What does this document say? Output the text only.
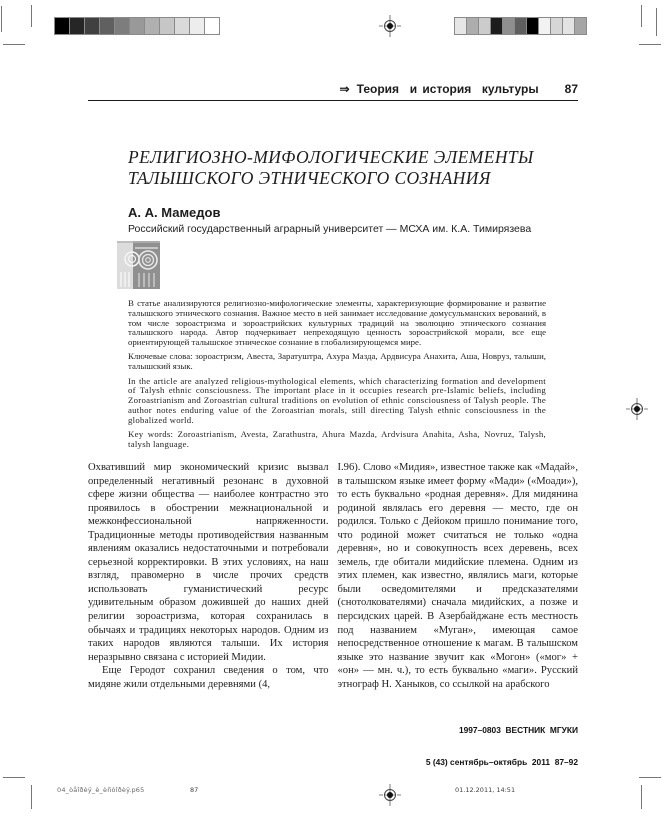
⇒ Теория  и история  культуры 87
РЕЛИГИОЗНО-МИФОЛОГИЧЕСКИЕ ЭЛЕМЕНТЫ
ТАЛЫШСКОГО ЭТНИЧЕСКОГО СОЗНАНИЯ
А. А. Мамедов
Российский государственный аграрный университет — МСХА им. К.А. Тимирязева

В статье анализируются религиозно-мифологические элементы, характеризующие формирование и развитие талышского этнического сознания. Важное место в ней занимает исследование домусульманских верований, в том числе зороастризма и зороастрийских культурных традиций на эволюцию этнического сознания талышского народа. Автор подчеркивает непреходящую ценность зороастрийской морали, все еще ориентирующей талышское этническое сознание в глобализирующемся мире.

Ключевые слова: зороастризм, Авеста, Заратуштра, Ахура Мазда, Ардвисура Анахита, Аша, Новруз, талыши, талышский язык.

In the article are analyzed religious-mythological elements, which characterizing formation and development of Talysh ethnic consciousness. The important place in it occupies research pre-Islamic beliefs, including Zoroastrianism and Zoroastrian cultural traditions on evolution of ethnic consciousness of Talysh people. The author notes enduring value of the Zoroastrian morals, still directing Talysh ethnic consciousness in the globalized world.

Key words: Zoroastrianism, Avesta, Zarathustra, Ahura Mazda, Ardvisura Anahita, Asha, Novruz, Talysh, talysh language.

Охвативший мир экономический кризис вызвал определенный негативный резонанс в духовной сфере жизни общества — наиболее контрастно это проявилось в обострении межнациональной и межконфессиональной напряженности. Традиционные методы противодействия названным явлениям оказались недостаточными и потребовали серьезной корректировки. В этих условиях, на наш взгляд, правомерно в числе прочих средств использовать гуманистический ресурс удивительным образом дожившей до наших дней религии зороастризма, которая сохранилась в обычаях и традициях некоторых народов. Одним из таких народов являются талыши. Их история неразрывно связана с историей Мидии.

Еще Геродот сохранил сведения о том, что мидяне жили отдельными деревнями (4,

I.96). Слово «Мидия», известное также как «Мадай», в талышском языке имеет форму «Мади» («Моади»), то есть буквально «родная деревня». Для мидянина родиной являлась его деревня — место, где он родился. Только с Дейоком пришло понимание того, что родиной может считаться не только «одна деревня», но и совокупность всех деревень, всех земель, где обитали мидийские племена. Одним из этих племен, как известно, являлись маги, которые были осведомителями и предсказателями (снотолкователями) сначала мидийских, а позже и персидских царей. В Азербайджане есть местность под названием «Муган», имеющая самое непосредственное отношение к магам. В талышском языке это название звучит как «Могон» («мог» + «он» — мн. ч.), то есть буквально «маги». Русский этнограф Н. Ханыков, со ссылкой на арабского

1997–0803  ВЕСТНИК  МГУКИ

5 (43) сентябрь–октябрь  2011  87–92

04_òåîðèÿ_è_èñòîðèÿ.p65	87	01.12.2011, 14:51
